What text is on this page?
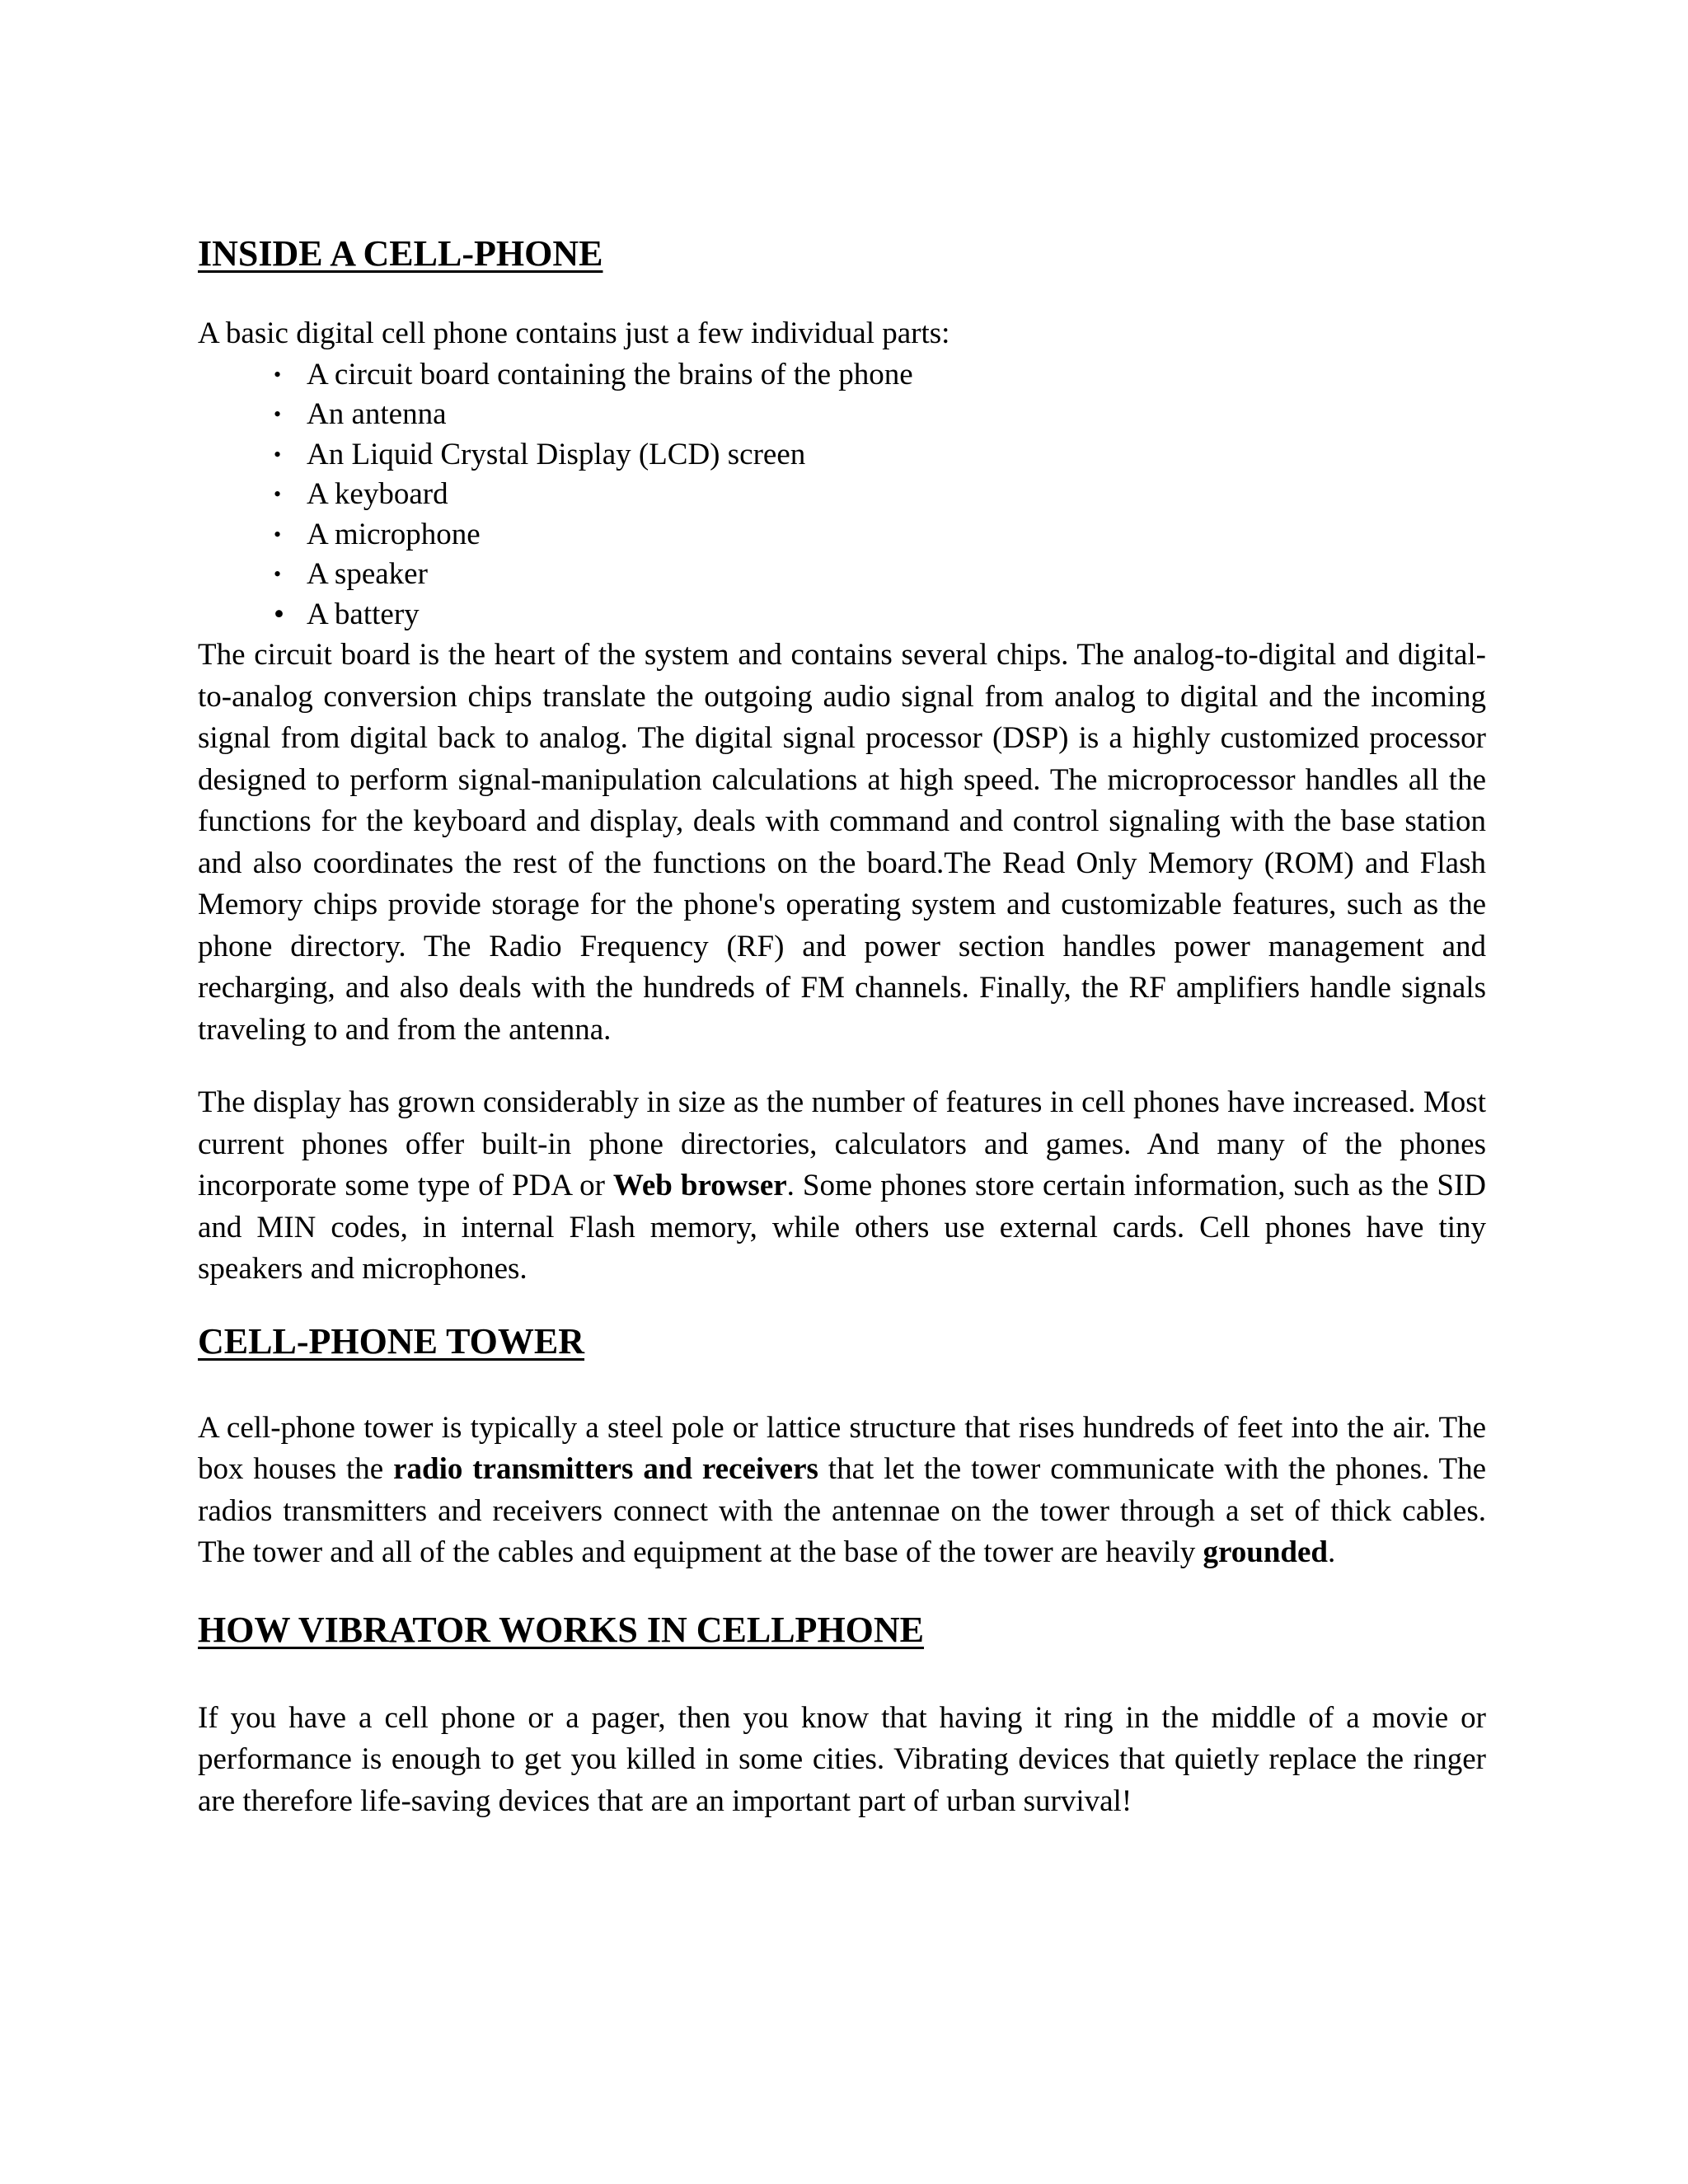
INSIDE A CELL-PHONE

A basic digital cell phone contains just a few individual parts:

• A circuit board containing the brains of the phone
• An antenna
• An Liquid Crystal Display (LCD) screen
• A keyboard
• A microphone
• A speaker
• A battery

The circuit board is the heart of the system and contains several chips. The analog-to-digital and digital-to-analog conversion chips translate the outgoing audio signal from analog to digital and the incoming signal from digital back to analog. The digital signal processor (DSP) is a highly customized processor designed to perform signal-manipulation calculations at high speed. The microprocessor handles all the functions for the keyboard and display, deals with command and control signaling with the base station and also coordinates the rest of the functions on the board.The Read Only Memory (ROM) and Flash Memory chips provide storage for the phone's operating system and customizable features, such as the phone directory. The Radio Frequency (RF) and power section handles power management and recharging, and also deals with the hundreds of FM channels. Finally, the RF amplifiers handle signals traveling to and from the antenna.

The display has grown considerably in size as the number of features in cell phones have increased. Most current phones offer built-in phone directories, calculators and games. And many of the phones incorporate some type of PDA or Web browser. Some phones store certain information, such as the SID and MIN codes, in internal Flash memory, while others use external cards. Cell phones have tiny speakers and microphones.

CELL-PHONE TOWER

A cell-phone tower is typically a steel pole or lattice structure that rises hundreds of feet into the air. The box houses the radio transmitters and receivers that let the tower communicate with the phones. The radios transmitters and receivers connect with the antennae on the tower through a set of thick cables. The tower and all of the cables and equipment at the base of the tower are heavily grounded.

HOW VIBRATOR WORKS IN CELLPHONE

If you have a cell phone or a pager, then you know that having it ring in the middle of a movie or performance is enough to get you killed in some cities. Vibrating devices that quietly replace the ringer are therefore life-saving devices that are an important part of urban survival!
